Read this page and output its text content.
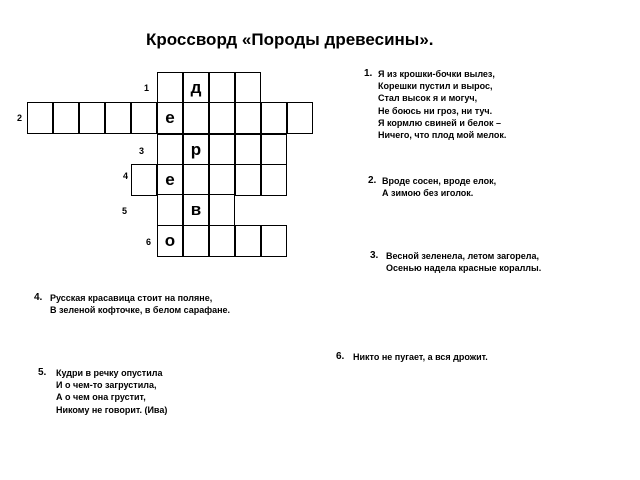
Кроссворд «Породы древесины».
1	д
2	е
3	р
4	е
5	в
6 о
1. Я из крошки-бочки вылез,
Корешки пустил и вырос,
Стал высок я и могуч,
Не боюсь ни гроз, ни туч.
Я кормлю свиней и белок –
Ничего, что плод мой мелок.
2. Вроде сосен, вроде елок,
А зимою без иголок.
3. Весной зеленела, летом загорела,
Осенью надела красные кораллы.
4. Русская красавица стоит на поляне,
В зеленой кофточке, в белом сарафане.
5. Кудри в речку опустила
И о чем-то загрустила,
А о чем она грустит,
Никому не говорит. (Ива)
6. Никто не пугает, а вся дрожит.
